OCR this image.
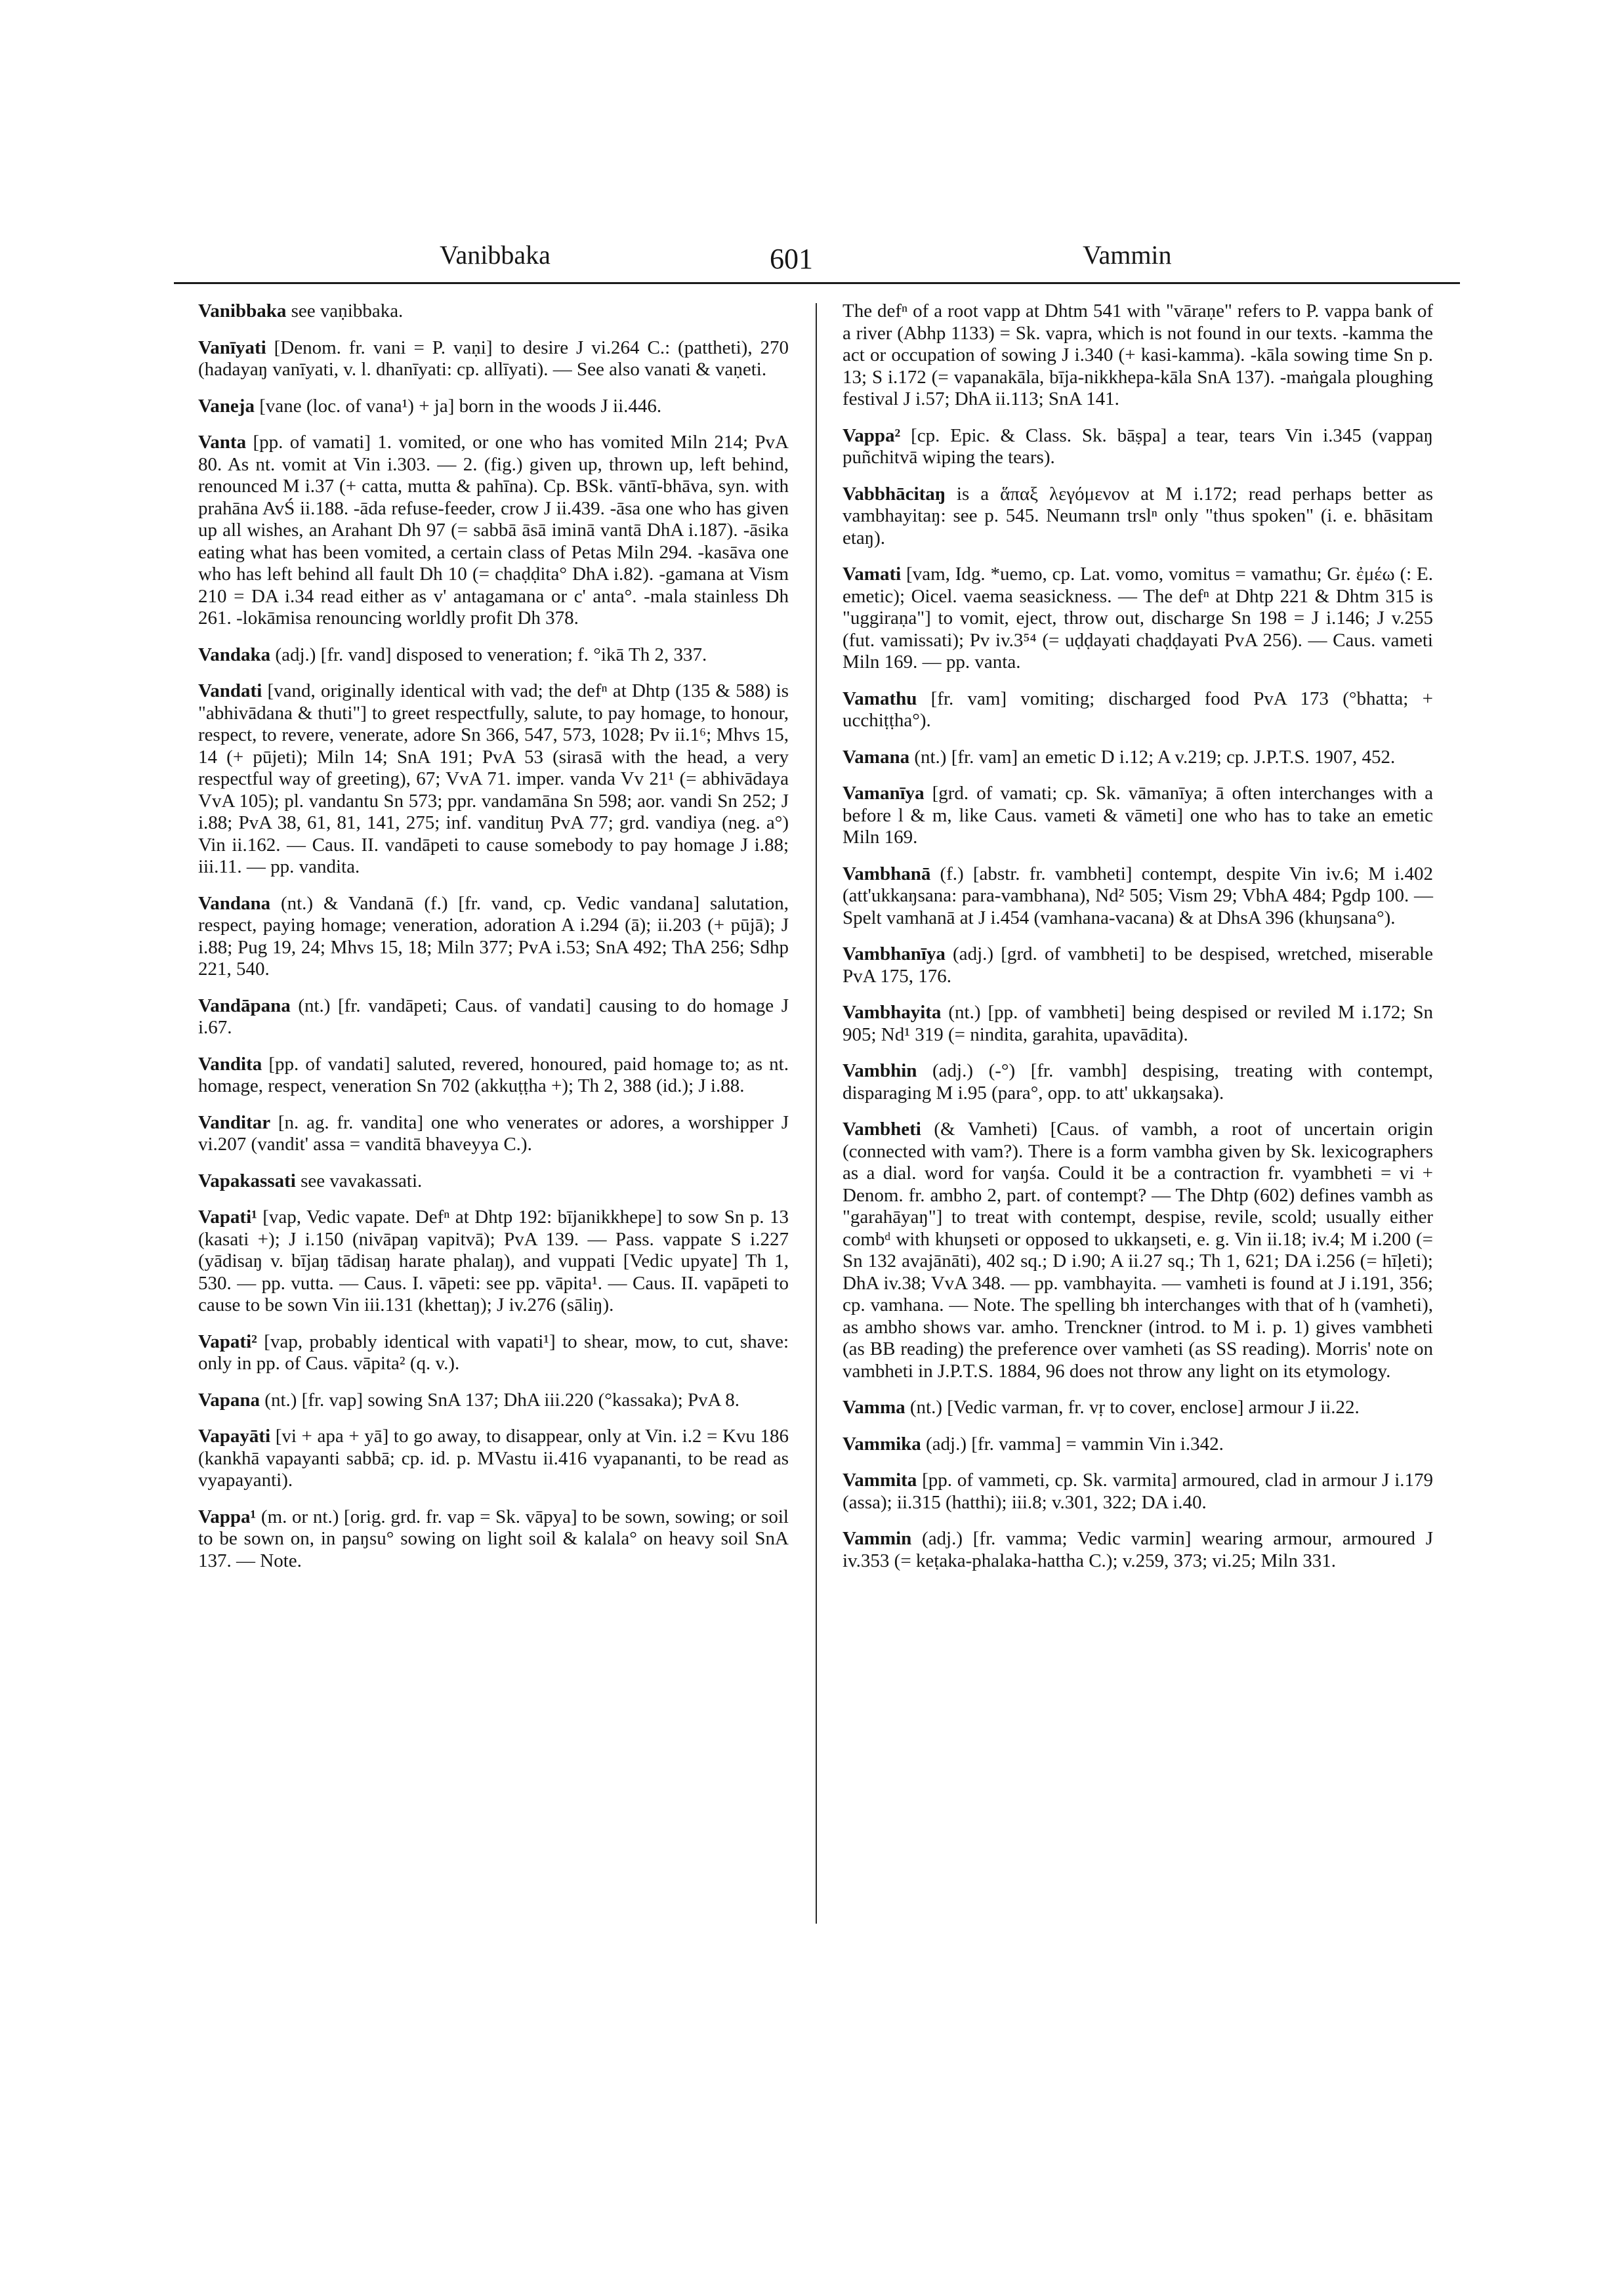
Vanibbaka	601	Vammin

Vanibbaka see vaṇibbaka.

Vanīyati [Denom. fr. vani = P. vaṇi] to desire J vi.264 C.: (pattheti), 270 (hadayaŋ vanīyati, v. l. dhanīyati: cp. allīyati). — See also vanati & vaṇeti.

Vaneja [vane (loc. of vana¹) + ja] born in the woods J ii.446.

Vanta [pp. of vamati] 1. vomited, or one who has vomited Miln 214; PvA 80. As nt. vomit at Vin i.303. — 2. (fig.) given up, thrown up, left behind, renounced M i.37 (+ catta, mutta & pahīna). Cp. BSk. vāntī-bhāva, syn. with prahāna AvŚ ii.188. -āda refuse-feeder, crow J ii.439. -āsa one who has given up all wishes, an Arahant Dh 97 (= sabbā āsā iminā vantā DhA i.187). -āsika eating what has been vomited, a certain class of Petas Miln 294. -kasāva one who has left behind all fault Dh 10 (= chaḍḍita° DhA i.82). -gamana at Vism 210 = DA i.34 read either as v' antagamana or c' anta°. -mala stainless Dh 261. -lokāmisa renouncing worldly profit Dh 378.

Vandaka (adj.) [fr. vand] disposed to veneration; f. °ikā Th 2, 337.

Vandati [vand, originally identical with vad; the defⁿ at Dhtp (135 & 588) is "abhivādana & thuti"] to greet respectfully, salute, to pay homage, to honour, respect, to revere, venerate, adore Sn 366, 547, 573, 1028; Pv ii.1⁶; Mhvs 15, 14 (+ pūjeti); Miln 14; SnA 191; PvA 53 (sirasā with the head, a very respectful way of greeting), 67; VvA 71. imper. vanda Vv 21¹ (= abhivādaya VvA 105); pl. vandantu Sn 573; ppr. vandamāna Sn 598; aor. vandi Sn 252; J i.88; PvA 38, 61, 81, 141, 275; inf. vandituŋ PvA 77; grd. vandiya (neg. a°) Vin ii.162. — Caus. II. vandāpeti to cause somebody to pay homage J i.88; iii.11. — pp. vandita.

Vandana (nt.) & Vandanā (f.) [fr. vand, cp. Vedic vandana] salutation, respect, paying homage; veneration, adoration A i.294 (ā); ii.203 (+ pūjā); J i.88; Pug 19, 24; Mhvs 15, 18; Miln 377; PvA i.53; SnA 492; ThA 256; Sdhp 221, 540.

Vandāpana (nt.) [fr. vandāpeti; Caus. of vandati] causing to do homage J i.67.

Vandita [pp. of vandati] saluted, revered, honoured, paid homage to; as nt. homage, respect, veneration Sn 702 (akkuṭṭha +); Th 2, 388 (id.); J i.88.

Vanditar [n. ag. fr. vandita] one who venerates or adores, a worshipper J vi.207 (vandit' assa = vanditā bhaveyya C.).

Vapakassati see vavakassati.

Vapati¹ [vap, Vedic vapate. Defⁿ at Dhtp 192: bījanikkhepe] to sow Sn p. 13 (kasati +); J i.150 (nivāpaŋ vapitvā); PvA 139. — Pass. vappate S i.227 (yādisaŋ v. bījaŋ tādisaŋ harate phalaŋ), and vuppati [Vedic upyate] Th 1, 530. — pp. vutta. — Caus. I. vāpeti: see pp. vāpita¹. — Caus. II. vapāpeti to cause to be sown Vin iii.131 (khettaŋ); J iv.276 (sāliŋ).

Vapati² [vap, probably identical with vapati¹] to shear, mow, to cut, shave: only in pp. of Caus. vāpita² (q. v.).

Vapana (nt.) [fr. vap] sowing SnA 137; DhA iii.220 (°kassaka); PvA 8.

Vapayāti [vi + apa + yā] to go away, to disappear, only at Vin. i.2 = Kvu 186 (kankhā vapayanti sabbā; cp. id. p. MVastu ii.416 vyapananti, to be read as vyapayanti).

Vappa¹ (m. or nt.) [orig. grd. fr. vap = Sk. vāpya] to be sown, sowing; or soil to be sown on, in paŋsu° sowing on light soil & kalala° on heavy soil SnA 137. — Note.

The defⁿ of a root vapp at Dhtm 541 with "vāraṇe" refers to P. vappa bank of a river (Abhp 1133) = Sk. vapra, which is not found in our texts. -kamma the act or occupation of sowing J i.340 (+ kasi-kamma). -kāla sowing time Sn p. 13; S i.172 (= vapanakāla, bīja-nikkhepa-kāla SnA 137). -maṅgala ploughing festival J i.57; DhA ii.113; SnA 141.

Vappa² [cp. Epic. & Class. Sk. bāṣpa] a tear, tears Vin i.345 (vappaŋ puñchitvā wiping the tears).

Vabbhācitaŋ is a ἅπαξ λεγόμενον at M i.172; read perhaps better as vambhayitaŋ: see p. 545. Neumann trslⁿ only "thus spoken" (i. e. bhāsitam etaŋ).

Vamati [vam, Idg. *uemo, cp. Lat. vomo, vomitus = vamathu; Gr. ἐμέω (: E. emetic); Oicel. vaema seasickness. — The defⁿ at Dhtp 221 & Dhtm 315 is "uggiraṇa"] to vomit, eject, throw out, discharge Sn 198 = J i.146; J v.255 (fut. vamissati); Pv iv.3⁵⁴ (= uḍḍayati chaḍḍayati PvA 256). — Caus. vameti Miln 169. — pp. vanta.

Vamathu [fr. vam] vomiting; discharged food PvA 173 (°bhatta; + ucchiṭṭha°).

Vamana (nt.) [fr. vam] an emetic D i.12; A v.219; cp. J.P.T.S. 1907, 452.

Vamanīya [grd. of vamati; cp. Sk. vāmanīya; ā often interchanges with a before l & m, like Caus. vameti & vāmeti] one who has to take an emetic Miln 169.

Vambhanā (f.) [abstr. fr. vambheti] contempt, despite Vin iv.6; M i.402 (att'ukkaŋsana: para-vambhana), Nd² 505; Vism 29; VbhA 484; Pgdp 100. — Spelt vamhanā at J i.454 (vamhana-vacana) & at DhsA 396 (khuŋsana°).

Vambhanīya (adj.) [grd. of vambheti] to be despised, wretched, miserable PvA 175, 176.

Vambhayita (nt.) [pp. of vambheti] being despised or reviled M i.172; Sn 905; Nd¹ 319 (= nindita, garahita, upavādita).

Vambhin (adj.) (-°) [fr. vambh] despising, treating with contempt, disparaging M i.95 (para°, opp. to att' ukkaŋsaka).

Vambheti (& Vamheti) [Caus. of vambh, a root of uncertain origin (connected with vam?). There is a form vambha given by Sk. lexicographers as a dial. word for vaŋśa. Could it be a contraction fr. vyambheti = vi + Denom. fr. ambho 2, part. of contempt? — The Dhtp (602) defines vambh as "garahāyaŋ"] to treat with contempt, despise, revile, scold; usually either combᵈ with khuŋseti or opposed to ukkaŋseti, e. g. Vin ii.18; iv.4; M i.200 (= Sn 132 avajānāti), 402 sq.; D i.90; A ii.27 sq.; Th 1, 621; DA i.256 (= hīḷeti); DhA iv.38; VvA 348. — pp. vambhayita. — vamheti is found at J i.191, 356; cp. vamhana. — Note. The spelling bh interchanges with that of h (vamheti), as ambho shows var. amho. Trenckner (introd. to M i. p. 1) gives vambheti (as BB reading) the preference over vamheti (as SS reading). Morris' note on vambheti in J.P.T.S. 1884, 96 does not throw any light on its etymology.

Vamma (nt.) [Vedic varman, fr. vṛ to cover, enclose] armour J ii.22.

Vammika (adj.) [fr. vamma] = vammin Vin i.342.

Vammita [pp. of vammeti, cp. Sk. varmita] armoured, clad in armour J i.179 (assa); ii.315 (hatthi); iii.8; v.301, 322; DA i.40.

Vammin (adj.) [fr. vamma; Vedic varmin] wearing armour, armoured J iv.353 (= keṭaka-phalaka-hattha C.); v.259, 373; vi.25; Miln 331.
